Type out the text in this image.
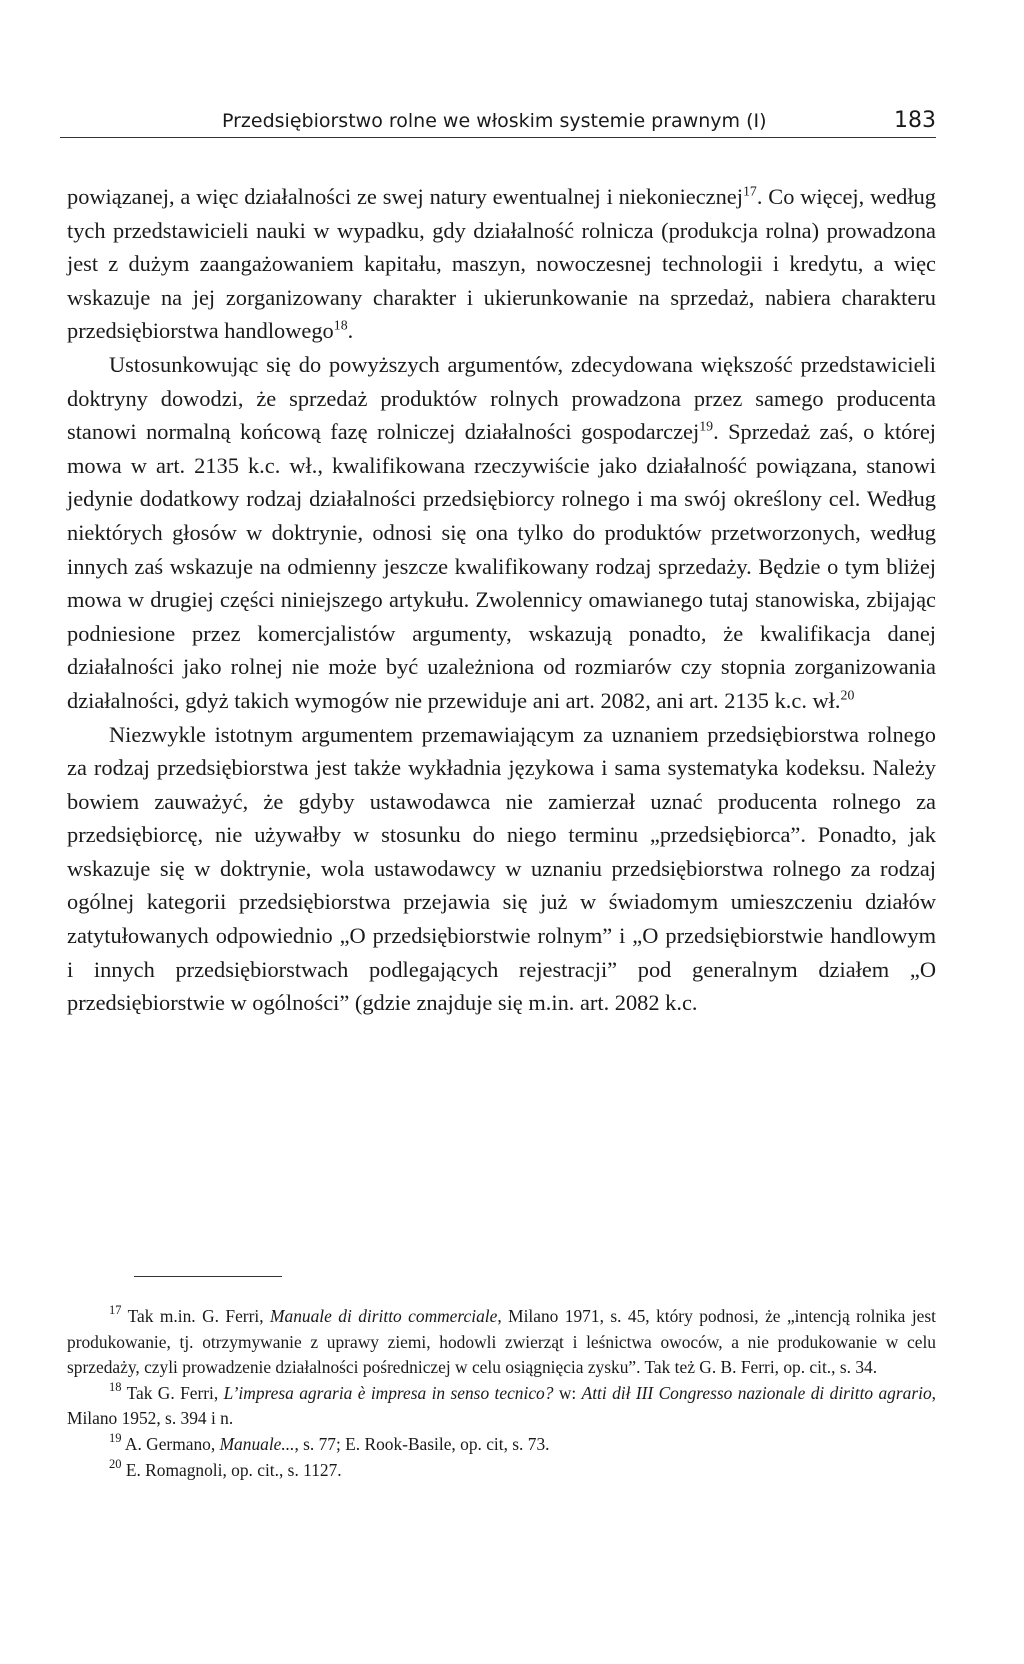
Przedsiębiorstwo rolne we włoskim systemie prawnym (I)	183

powiązanej, a więc działalności ze swej natury ewentualnej i niekoniecznej$^{17}$. Co więcej, według tych przedstawicieli nauki w wypadku, gdy działalność rolnicza (produkcja rolna) prowadzona jest z dużym zaangażowaniem kapitału, maszyn, nowoczesnej technologii i kredytu, a więc wskazuje na jej zorganizowany charakter i ukierunkowanie na sprzedaż, nabiera charakteru przedsiębiorstwa handlowego$^{18}$.

Ustosunkowując się do powyższych argumentów, zdecydowana większość przedstawicieli doktryny dowodzi, że sprzedaż produktów rolnych prowadzona przez samego producenta stanowi normalną końcową fazę rolniczej działalności gospodarczej$^{19}$. Sprzedaż zaś, o której mowa w art. 2135 k.c. wł., kwalifikowana rzeczywiście jako działalność powiązana, stanowi jedynie dodatkowy rodzaj działalności przedsiębiorcy rolnego i ma swój określony cel. Według niektórych głosów w doktrynie, odnosi się ona tylko do produktów przetworzonych, według innych zaś wskazuje na odmienny jeszcze kwalifikowany rodzaj sprzedaży. Będzie o tym bliżej mowa w drugiej części niniejszego artykułu. Zwolennicy omawianego tutaj stanowiska, zbijając podniesione przez komercjalistów argumenty, wskazują ponadto, że kwalifikacja danej działalności jako rolnej nie może być uzależniona od rozmiarów czy stopnia zorganizowania działalności, gdyż takich wymogów nie przewiduje ani art. 2082, ani art. 2135 k.c. wł.$^{20}$

Niezwykle istotnym argumentem przemawiającym za uznaniem przedsiębiorstwa rolnego za rodzaj przedsiębiorstwa jest także wykładnia językowa i sama systematyka kodeksu. Należy bowiem zauważyć, że gdyby ustawodawca nie zamierzał uznać producenta rolnego za przedsiębiorcę, nie używałby w stosunku do niego terminu „przedsiębiorca”. Ponadto, jak wskazuje się w doktrynie, wola ustawodawcy w uznaniu przedsiębiorstwa rolnego za rodzaj ogólnej kategorii przedsiębiorstwa przejawia się już w świadomym umieszczeniu działów zatytułowanych odpowiednio „O przedsiębiorstwie rolnym” i „O przedsiębiorstwie handlowym i innych przedsiębiorstwach podlegających rejestracji” pod generalnym działem „O przedsiębiorstwie w ogólności” (gdzie znajduje się m.in. art. 2082 k.c.

$^{17}$ Tak m.in. G. Ferri, Manuale di diritto commerciale, Milano 1971, s. 45, który podnosi, że „intencją rolnika jest produkowanie, tj. otrzymywanie z uprawy ziemi, hodowli zwierząt i leśnictwa owoców, a nie produkowanie w celu sprzedaży, czyli prowadzenie działalności pośredniczej w celu osiągnięcia zysku”. Tak też G. B. Ferri, op. cit., s. 34.

$^{18}$ Tak G. Ferri, L’impresa agraria è impresa in senso tecnico? w: Atti dił III Congresso nazionale di diritto agrario, Milano 1952, s. 394 i n.

$^{19}$ A. Germano, Manuale..., s. 77; E. Rook-Basile, op. cit, s. 73.

$^{20}$ E. Romagnoli, op. cit., s. 1127.
